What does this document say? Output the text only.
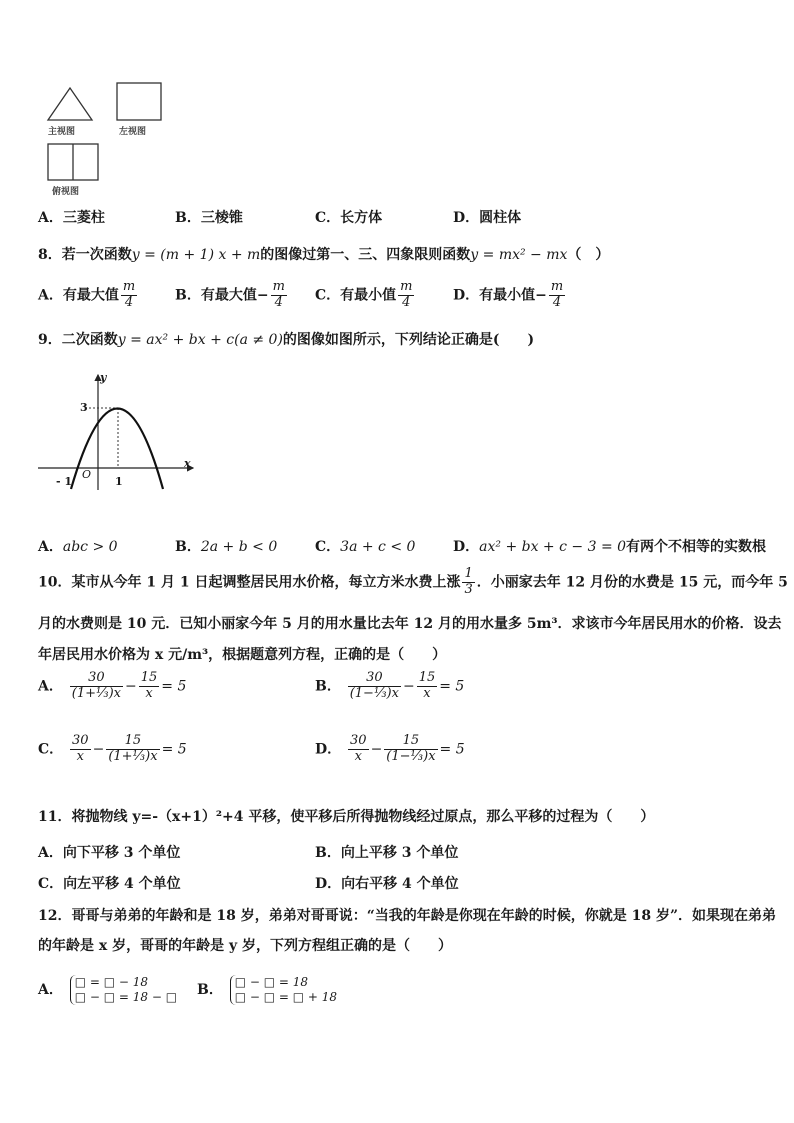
主视图	左视图
俯视图
A．三菱柱	B．三棱锥	C．长方体	D．圆柱体
8．若一次函数y = (m + 1) x + m的图像过第一、三、四象限则函数y = mx² − mx（　）
A．有最大值 $\frac{m}{4}$	B．有最大值− $\frac{m}{4}$ C．有最小值 $\frac{m}{4}$	D．有最小值− $\frac{m}{4}$
9．二次函数y = ax² + bx + c(a ≠ 0)的图像如图所示，下列结论正确是(　　)
y
x
O
3
- 1	1
A．abc > 0	B．2a + b < 0	C．3a + c < 0	D．ax² + bx + c − 3 = 0有两个不相等的实数根
10．某市从今年 1 月 1 日起调整居民用水价格，每立方米水费上涨 $\frac{1}{3}$ ．小丽家去年 12 月份的水费是 15 元，而今年 5
月的水费则是 10 元．已知小丽家今年 5 月的用水量比去年 12 月的用水量多 5m³．求该市今年居民用水的价格．设去
年居民用水价格为 x 元/m³，根据题意列方程，正确的是（　　）
A． $\frac{30}{\text{(1+⅓)x}} - \frac{15}{x} = 5$	B． $\frac{30}{\text{(1−⅓)x}} - \frac{15}{x} = 5$
C． $\frac{30}{x} - \frac{15}{\text{(1+⅓)x}} = 5$	D． $\frac{30}{x} - \frac{15}{\text{(1−⅓)x}} = 5$
11．将抛物线 y=-（x+1）²+4 平移，使平移后所得抛物线经过原点，那么平移的过程为（　　）
A．向下平移 3 个单位	B．向上平移 3 个单位
C．向左平移 4 个单位	D．向右平移 4 个单位
12．哥哥与弟弟的年龄和是 18 岁，弟弟对哥哥说：“当我的年龄是你现在年龄的时候，你就是 18 岁”．如果现在弟弟
的年龄是 x 岁，哥哥的年龄是 y 岁，下列方程组正确的是（　　）
A． □ = □ − 18
□ − □ = 18 − □ B． □ − □ = 18
□ − □ = □ + 18
